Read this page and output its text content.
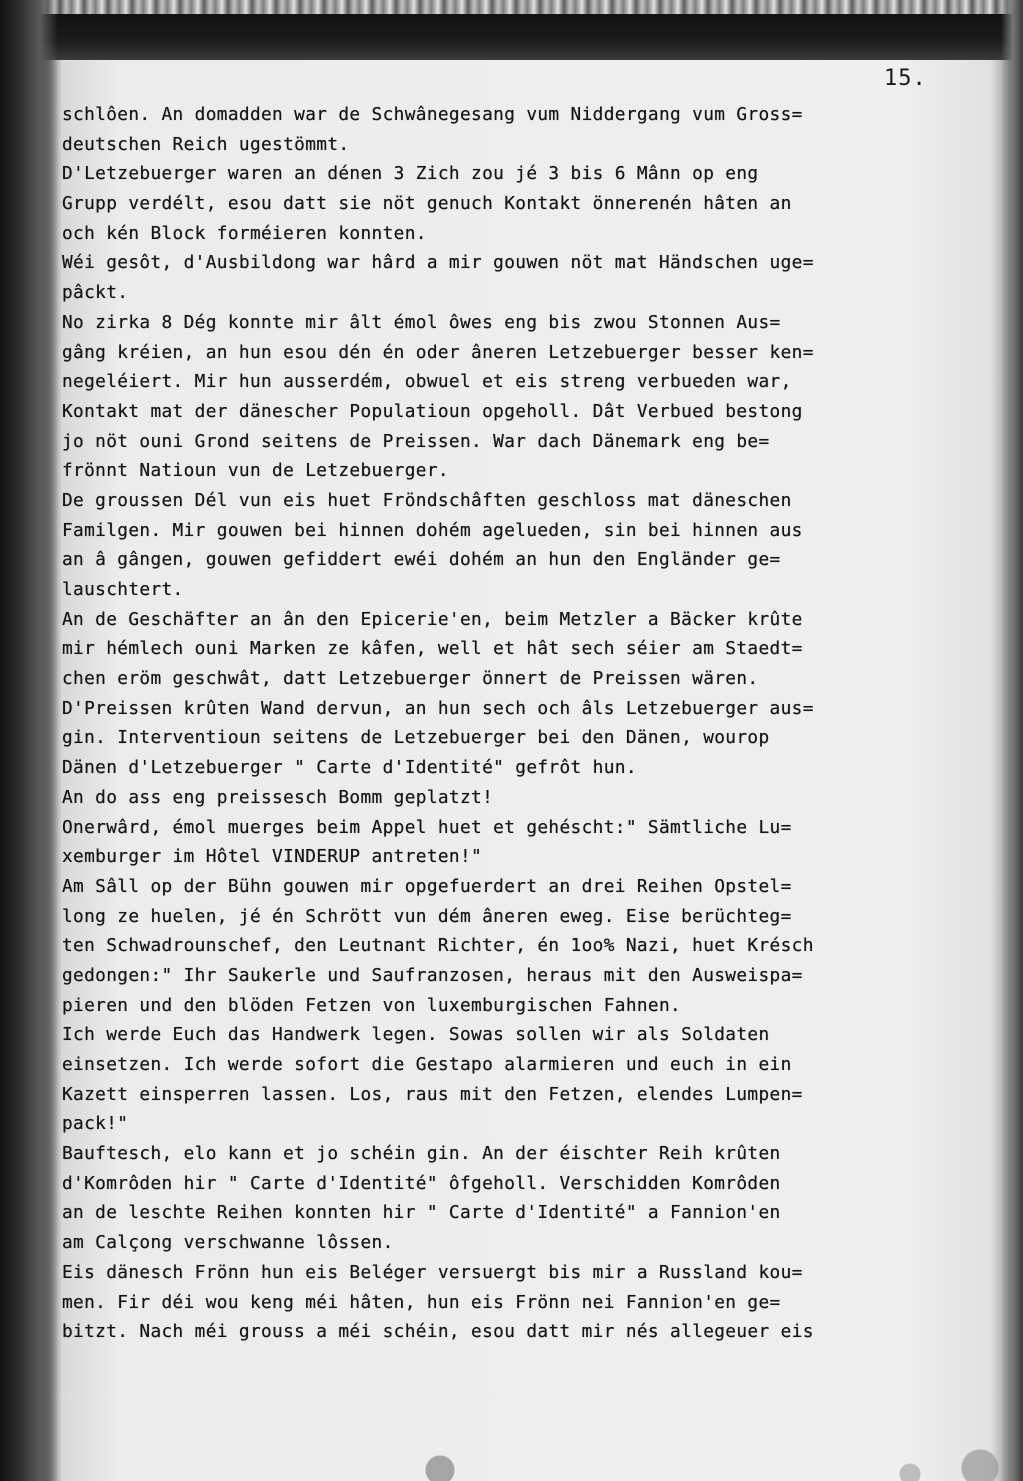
15.
schlôen. An domadden war de Schwânegesang vum Niddergang vum Gross=
deutschen Reich ugestömmt.
D'Letzebuerger waren an dénen 3 Zich zou jé 3 bis 6 Mânn op eng
Grupp verdélt, esou datt sie nöt genuch Kontakt önnerenén hâten an
och kén Block forméieren konnten.
Wéi gesôt, d'Ausbildong war hârd a mir gouwen nöt mat Händschen uge=
pâckt.
No zirka 8 Dég konnte mir âlt émol ôwes eng bis zwou Stonnen Aus=
gâng kréien, an hun esou dén én oder âneren Letzebuerger besser ken=
negeléiert. Mir hun ausserdém, obwuel et eis streng verbueden war,
Kontakt mat der dänescher Populatioun opgeholl. Dât Verbued bestong
jo nöt ouni Grond seitens de Preissen. War dach Dänemark eng be=
frönnt Natioun vun de Letzebuerger.
De groussen Dél vun eis huet Fröndschâften geschloss mat däneschen
Familgen. Mir gouwen bei hinnen dohém agelueden, sin bei hinnen aus
an â gângen, gouwen gefiddert ewéi dohém an hun den Engländer ge=
lauschtert.
An de Geschäfter an ân den Epicerie'en, beim Metzler a Bäcker krûte
mir hémlech ouni Marken ze kâfen, well et hât sech séier am Staedt=
chen eröm geschwât, datt Letzebuerger önnert de Preissen wären.
D'Preissen krûten Wand dervun, an hun sech och âls Letzebuerger aus=
gin. Interventioun seitens de Letzebuerger bei den Dänen, wourop
Dänen d'Letzebuerger " Carte d'Identité" gefrôt hun.
An do ass eng preissesch Bomm geplatzt!
Onerwârd, émol muerges beim Appel huet et gehéscht:" Sämtliche Lu=
xemburger im Hôtel VINDERUP antreten!"
Am Sâll op der Bühn gouwen mir opgefuerdert an drei Reihen Opstel=
long ze huelen, jé én Schrött vun dém âneren eweg. Eise berüchteg=
ten Schwadrounschef, den Leutnant Richter, én 1oo% Nazi, huet Krésch
gedongen:" Ihr Saukerle und Saufranzosen, heraus mit den Ausweispa=
pieren und den blöden Fetzen von luxemburgischen Fahnen.
Ich werde Euch das Handwerk legen. Sowas sollen wir als Soldaten
einsetzen. Ich werde sofort die Gestapo alarmieren und euch in ein
Kazett einsperren lassen. Los, raus mit den Fetzen, elendes Lumpen=
pack!"
Bauftesch, elo kann et jo schéin gin. An der éischter Reih krûten
d'Komrôden hir " Carte d'Identité" ôfgeholl. Verschidden Komrôden
an de leschte Reihen konnten hir " Carte d'Identité" a Fannion'en
am Calçong verschwanne lôssen.
Eis dänesch Frönn hun eis Beléger versuergt bis mir a Russland kou=
men. Fir déi wou keng méi hâten, hun eis Frönn nei Fannion'en ge=
bitzt. Nach méi grouss a méi schéin, esou datt mir nés allegeuer eis
